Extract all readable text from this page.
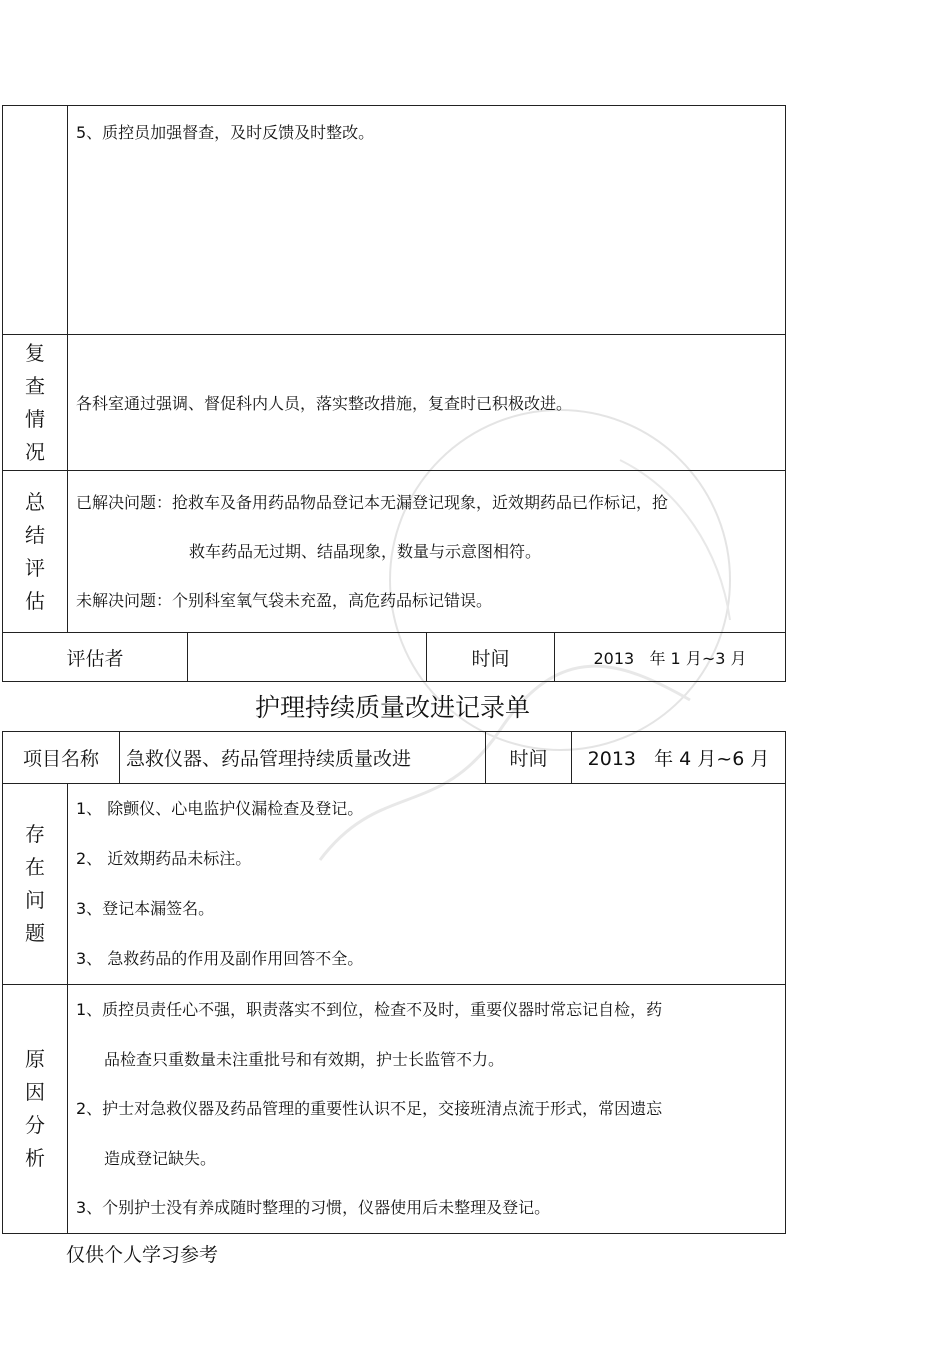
	5、质控员加强督查，及时反馈及时整改。			

复
查
情
况	各科室通过强调、督促科内人员，落实整改措施，复查时已积极改进。			

总
结
评
估	已解决问题：抢救车及备用药品物品登记本无漏登记现象，近效期药品已作标记，抢
救车药品无过期、结晶现象，数量与示意图相符。
未解决问题：个别科室氧气袋未充盈，高危药品标记错误。			

评估者			时间	2013   年 1 月~3 月
护理持续质量改进记录单
项目名称		急救仪器、药品管理持续质量改进	时间	2013   年 4 月~6 月

存
在
问
题	1、 除颤仪、心电监护仪漏检查及登记。
2、 近效期药品未标注。
3、登记本漏签名。
3、 急救药品的作用及副作用回答不全。			

原
因
分
析	1、质控员责任心不强，职责落实不到位，检查不及时，重要仪器时常忘记自检，药
品检查只重数量未注重批号和有效期，护士长监管不力。
2、护士对急救仪器及药品管理的重要性认识不足，交接班清点流于形式，常因遗忘
造成登记缺失。
3、个别护士没有养成随时整理的习惯，仪器使用后未整理及登记。			
仅供个人学习参考
